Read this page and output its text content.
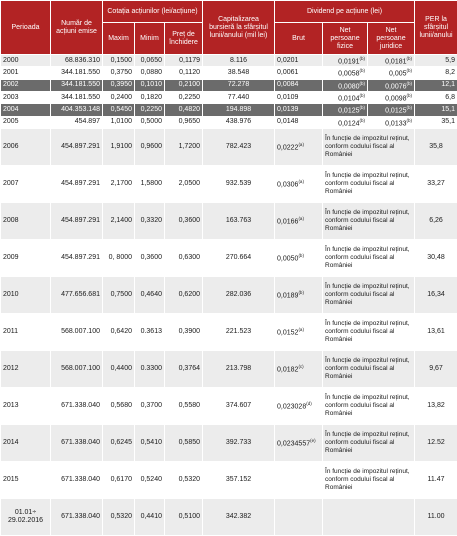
Perioada	Număr de acțiuni emise	Cotația acțiunilor (lei/acțiune)			Capitalizarea bursieră la sfârșitul lunii/anului (mil lei)	Dividend pe acțiune (lei)			PER la sfârșitul lunii/anului
		Maxim	Minim	Preț de închidere		Brut	Net persoane fizice	Net persoane juridice	
2000	68.836.310	0,1500	0,0650	0,1179	8.116	0,0201	0,0191$^{(b)}$	0,0181$^{(b)}$	5,9
2001	344.181.550	0,3750	0,0880	0,1120	38.548	0,0061	0,0058$^{(b)}$	0,005$^{(b)}$	8,2
2002	344.181.550	0,3950	0,1010	0,2100	72.278	0,0084	0,0080$^{(b)}$	0,0076$^{(b)}$	12,1
2003	344.181.550	0,2400	0,1820	0,2250	77.440	0,0109	0,0104$^{(b)}$	0,0098$^{(b)}$	6,8
2004	404.353.148	0,5450	0,2250	0,4820	194.898	0,0139	0,0125$^{(b)}$	0,0125$^{(b)}$	15,1
2005	454.897	1,0100	0,5000	0,9650	438.976	0,0148	0,0124$^{(b)}$	0,0133$^{(b)}$	35,1
2006	454.897.291	1,9100	0,9600	1,7200	782.423	0,0222$^{(a)}$	În funcție de impozitul reținut, conform codului fiscal al României		35,8
2007	454.897.291	2,1700	1,5800	2,0500	932.539	0,0306$^{(a)}$	În funcție de impozitul reținut, conform codului fiscal al României		33,27
2008	454.897.291	2,1400	0,3320	0,3600	163.763	0,0166$^{(a)}$	În funcție de impozitul reținut, conform codului fiscal al României		6,26
2009	454.897.291	0, 8000	0,3600	0,6300	270.664	0,0050$^{(b)}$	În funcție de impozitul reținut, conform codului fiscal al României		30,48
2010	477.656.681	0,7500	0,4640	0,6200	282.036	0,0189$^{(b)}$	În funcție de impozitul reținut, conform codului fiscal al României		16,34
2011	568.007.100	0,6420	0.3613	0,3900	221.523	0,0152$^{(a)}$	În funcție de impozitul reținut, conform codului fiscal al României		13,61
2012	568.007.100	0,4400	0.3300	0,3764	213.798	0,0182$^{(c)}$	În funcție de impozitul reținut, conform codului fiscal al României		9,67
2013	671.338.040	0,5680	0,3700	0,5580	374.607	0,023028$^{(d)}$	În funcție de impozitul reținut, conform codului fiscal al României		13,82
2014	671.338.040	0,6245	0,5410	0,5850	392.733	0,0234557$^{(e)}$	În funcție de impozitul reținut, conform codului fiscal al României		12.52
2015	671.338.040	0,6170	0,5240	0,5320	357.152		În funcție de impozitul reținut, conform codului fiscal al României		11.47
01.01÷ 29.02.2016	671.338.040	0,5320	0,4410	0,5100	342.382				11.00
